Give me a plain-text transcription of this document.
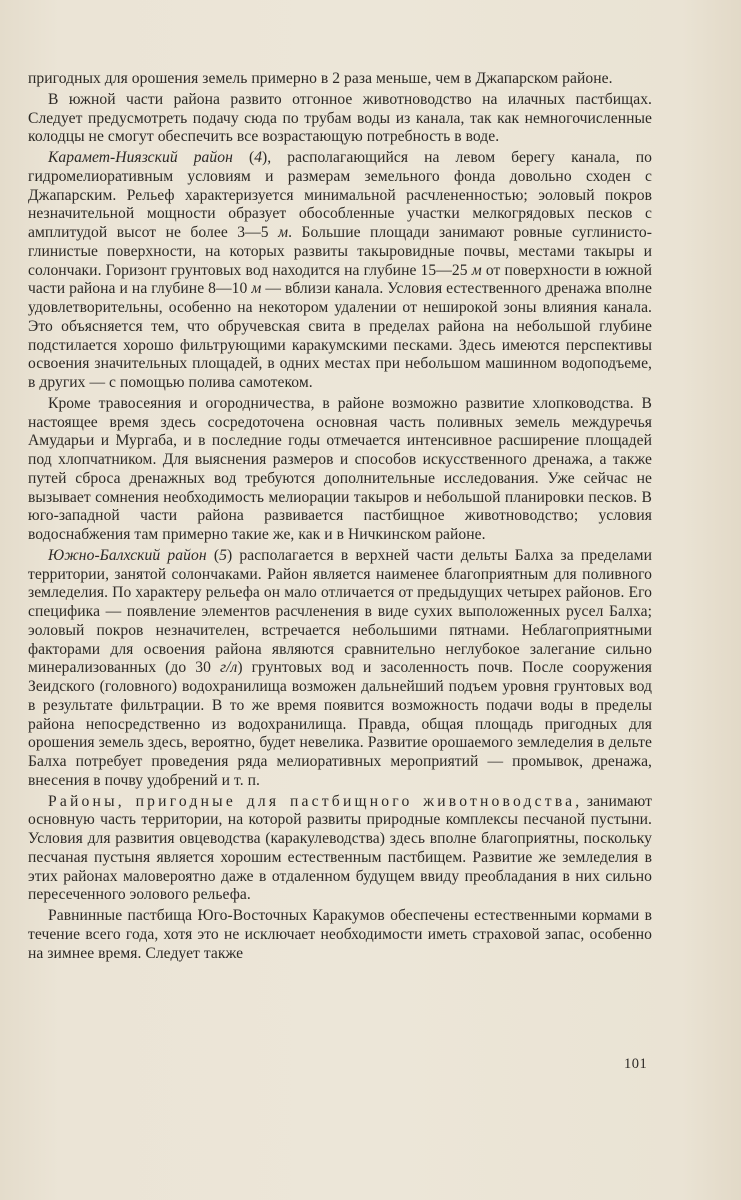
пригодных для орошения земель примерно в 2 раза меньше, чем в Джапарском районе.

В южной части района развито отгонное животноводство на илачных пастбищах. Следует предусмотреть подачу сюда по трубам воды из канала, так как немногочисленные колодцы не смогут обеспечить все возрастающую потребность в воде.

Карамет-Ниязский район (4), располагающийся на левом берегу канала, по гидромелиоративным условиям и размерам земельного фонда довольно сходен с Джапарским. Рельеф характеризуется минимальной расчлененностью; эоловый покров незначительной мощности образует обособленные участки мелкогрядовых песков с амплитудой высот не более 3—5 м. Большие площади занимают ровные суглинисто-глинистые поверхности, на которых развиты такыровидные почвы, местами такыры и солончаки. Горизонт грунтовых вод находится на глубине 15—25 м от поверхности в южной части района и на глубине 8—10 м — вблизи канала. Условия естественного дренажа вполне удовлетворительны, особенно на некотором удалении от неширокой зоны влияния канала. Это объясняется тем, что обручевская свита в пределах района на небольшой глубине подстилается хорошо фильтрующими каракумскими песками. Здесь имеются перспективы освоения значительных площадей, в одних местах при небольшом машинном водоподъеме, в других — с помощью полива самотеком.

Кроме травосеяния и огородничества, в районе возможно развитие хлопководства. В настоящее время здесь сосредоточена основная часть поливных земель междуречья Амударьи и Мургаба, и в последние годы отмечается интенсивное расширение площадей под хлопчатником. Для выяснения размеров и способов искусственного дренажа, а также путей сброса дренажных вод требуются дополнительные исследования. Уже сейчас не вызывает сомнения необходимость мелиорации такыров и небольшой планировки песков. В юго-западной части района развивается пастбищное животноводство; условия водоснабжения там примерно такие же, как и в Ничкинском районе.

Южно-Балхский район (5) располагается в верхней части дельты Балха за пределами территории, занятой солончаками. Район является наименее благоприятным для поливного земледелия. По характеру рельефа он мало отличается от предыдущих четырех районов. Его специфика — появление элементов расчленения в виде сухих выположенных русел Балха; эоловый покров незначителен, встречается небольшими пятнами. Неблагоприятными факторами для освоения района являются сравнительно неглубокое залегание сильно минерализованных (до 30 г/л) грунтовых вод и засоленность почв. После сооружения Зеидского (головного) водохранилища возможен дальнейший подъем уровня грунтовых вод в результате фильтрации. В то же время появится возможность подачи воды в пределы района непосредственно из водохранилища. Правда, общая площадь пригодных для орошения земель здесь, вероятно, будет невелика. Развитие орошаемого земледелия в дельте Балха потребует проведения ряда мелиоративных мероприятий — промывок, дренажа, внесения в почву удобрений и т. п.

Районы, пригодные для пастбищного животноводства, занимают основную часть территории, на которой развиты природные комплексы песчаной пустыни. Условия для развития овцеводства (каракулеводства) здесь вполне благоприятны, поскольку песчаная пустыня является хорошим естественным пастбищем. Развитие же земледелия в этих районах маловероятно даже в отдаленном будущем ввиду преобладания в них сильно пересеченного эолового рельефа.

Равнинные пастбища Юго-Восточных Каракумов обеспечены естественными кормами в течение всего года, хотя это не исключает необходимости иметь страховой запас, особенно на зимнее время. Следует также

101
